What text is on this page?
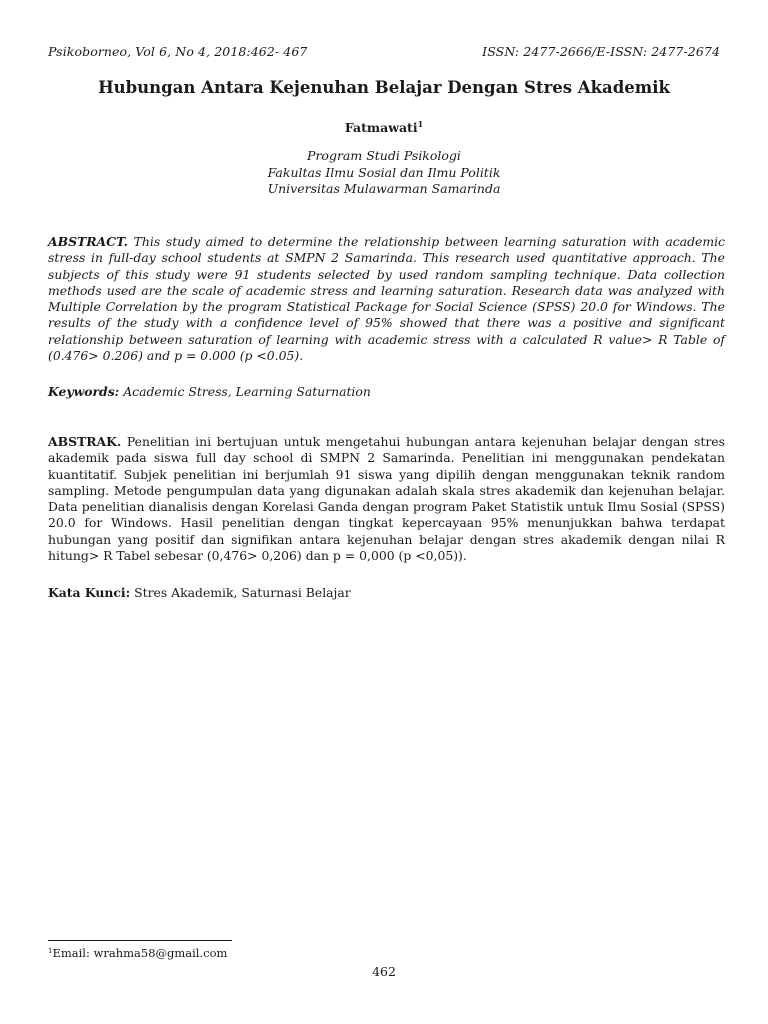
Psikoborneo, Vol 6, No 4, 2018:462- 467	ISSN: 2477-2666/E-ISSN: 2477-2674
Hubungan Antara Kejenuhan Belajar Dengan Stres Akademik
Fatmawati$^1$
Program Studi Psikologi
Fakultas Ilmu Sosial dan Ilmu Politik
Universitas Mulawarman Samarinda
ABSTRACT. This study aimed to determine the relationship between learning saturation with academic stress in full-day school students at SMPN 2 Samarinda. This research used quantitative approach. The subjects of this study were 91 students selected by used random sampling technique. Data collection methods used are the scale of academic stress and learning saturation. Research data was analyzed with Multiple Correlation by the program Statistical Package for Social Science (SPSS) 20.0 for Windows. The results of the study with a confidence level of 95% showed that there was a positive and significant relationship between saturation of learning with academic stress with a calculated R value> R Table of (0.476> 0.206) and p = 0.000 (p <0.05).
Keywords: Academic Stress, Learning Saturnation
ABSTRAK. Penelitian ini bertujuan untuk mengetahui hubungan antara kejenuhan belajar dengan stres akademik pada siswa full day school di SMPN 2 Samarinda. Penelitian ini menggunakan pendekatan kuantitatif. Subjek penelitian ini berjumlah 91 siswa yang dipilih dengan menggunakan teknik random sampling. Metode pengumpulan data yang digunakan adalah skala stres akademik dan kejenuhan belajar. Data penelitian dianalisis dengan Korelasi Ganda dengan program Paket Statistik untuk Ilmu Sosial (SPSS) 20.0 for Windows. Hasil penelitian dengan tingkat kepercayaan 95% menunjukkan bahwa terdapat hubungan yang positif dan signifikan antara kejenuhan belajar dengan stres akademik dengan nilai R hitung> R Tabel sebesar (0,476> 0,206) dan p = 0,000 (p <0,05)).
Kata Kunci: Stres Akademik, Saturnasi Belajar
$^1$Email: wrahma58@gmail.com
462
